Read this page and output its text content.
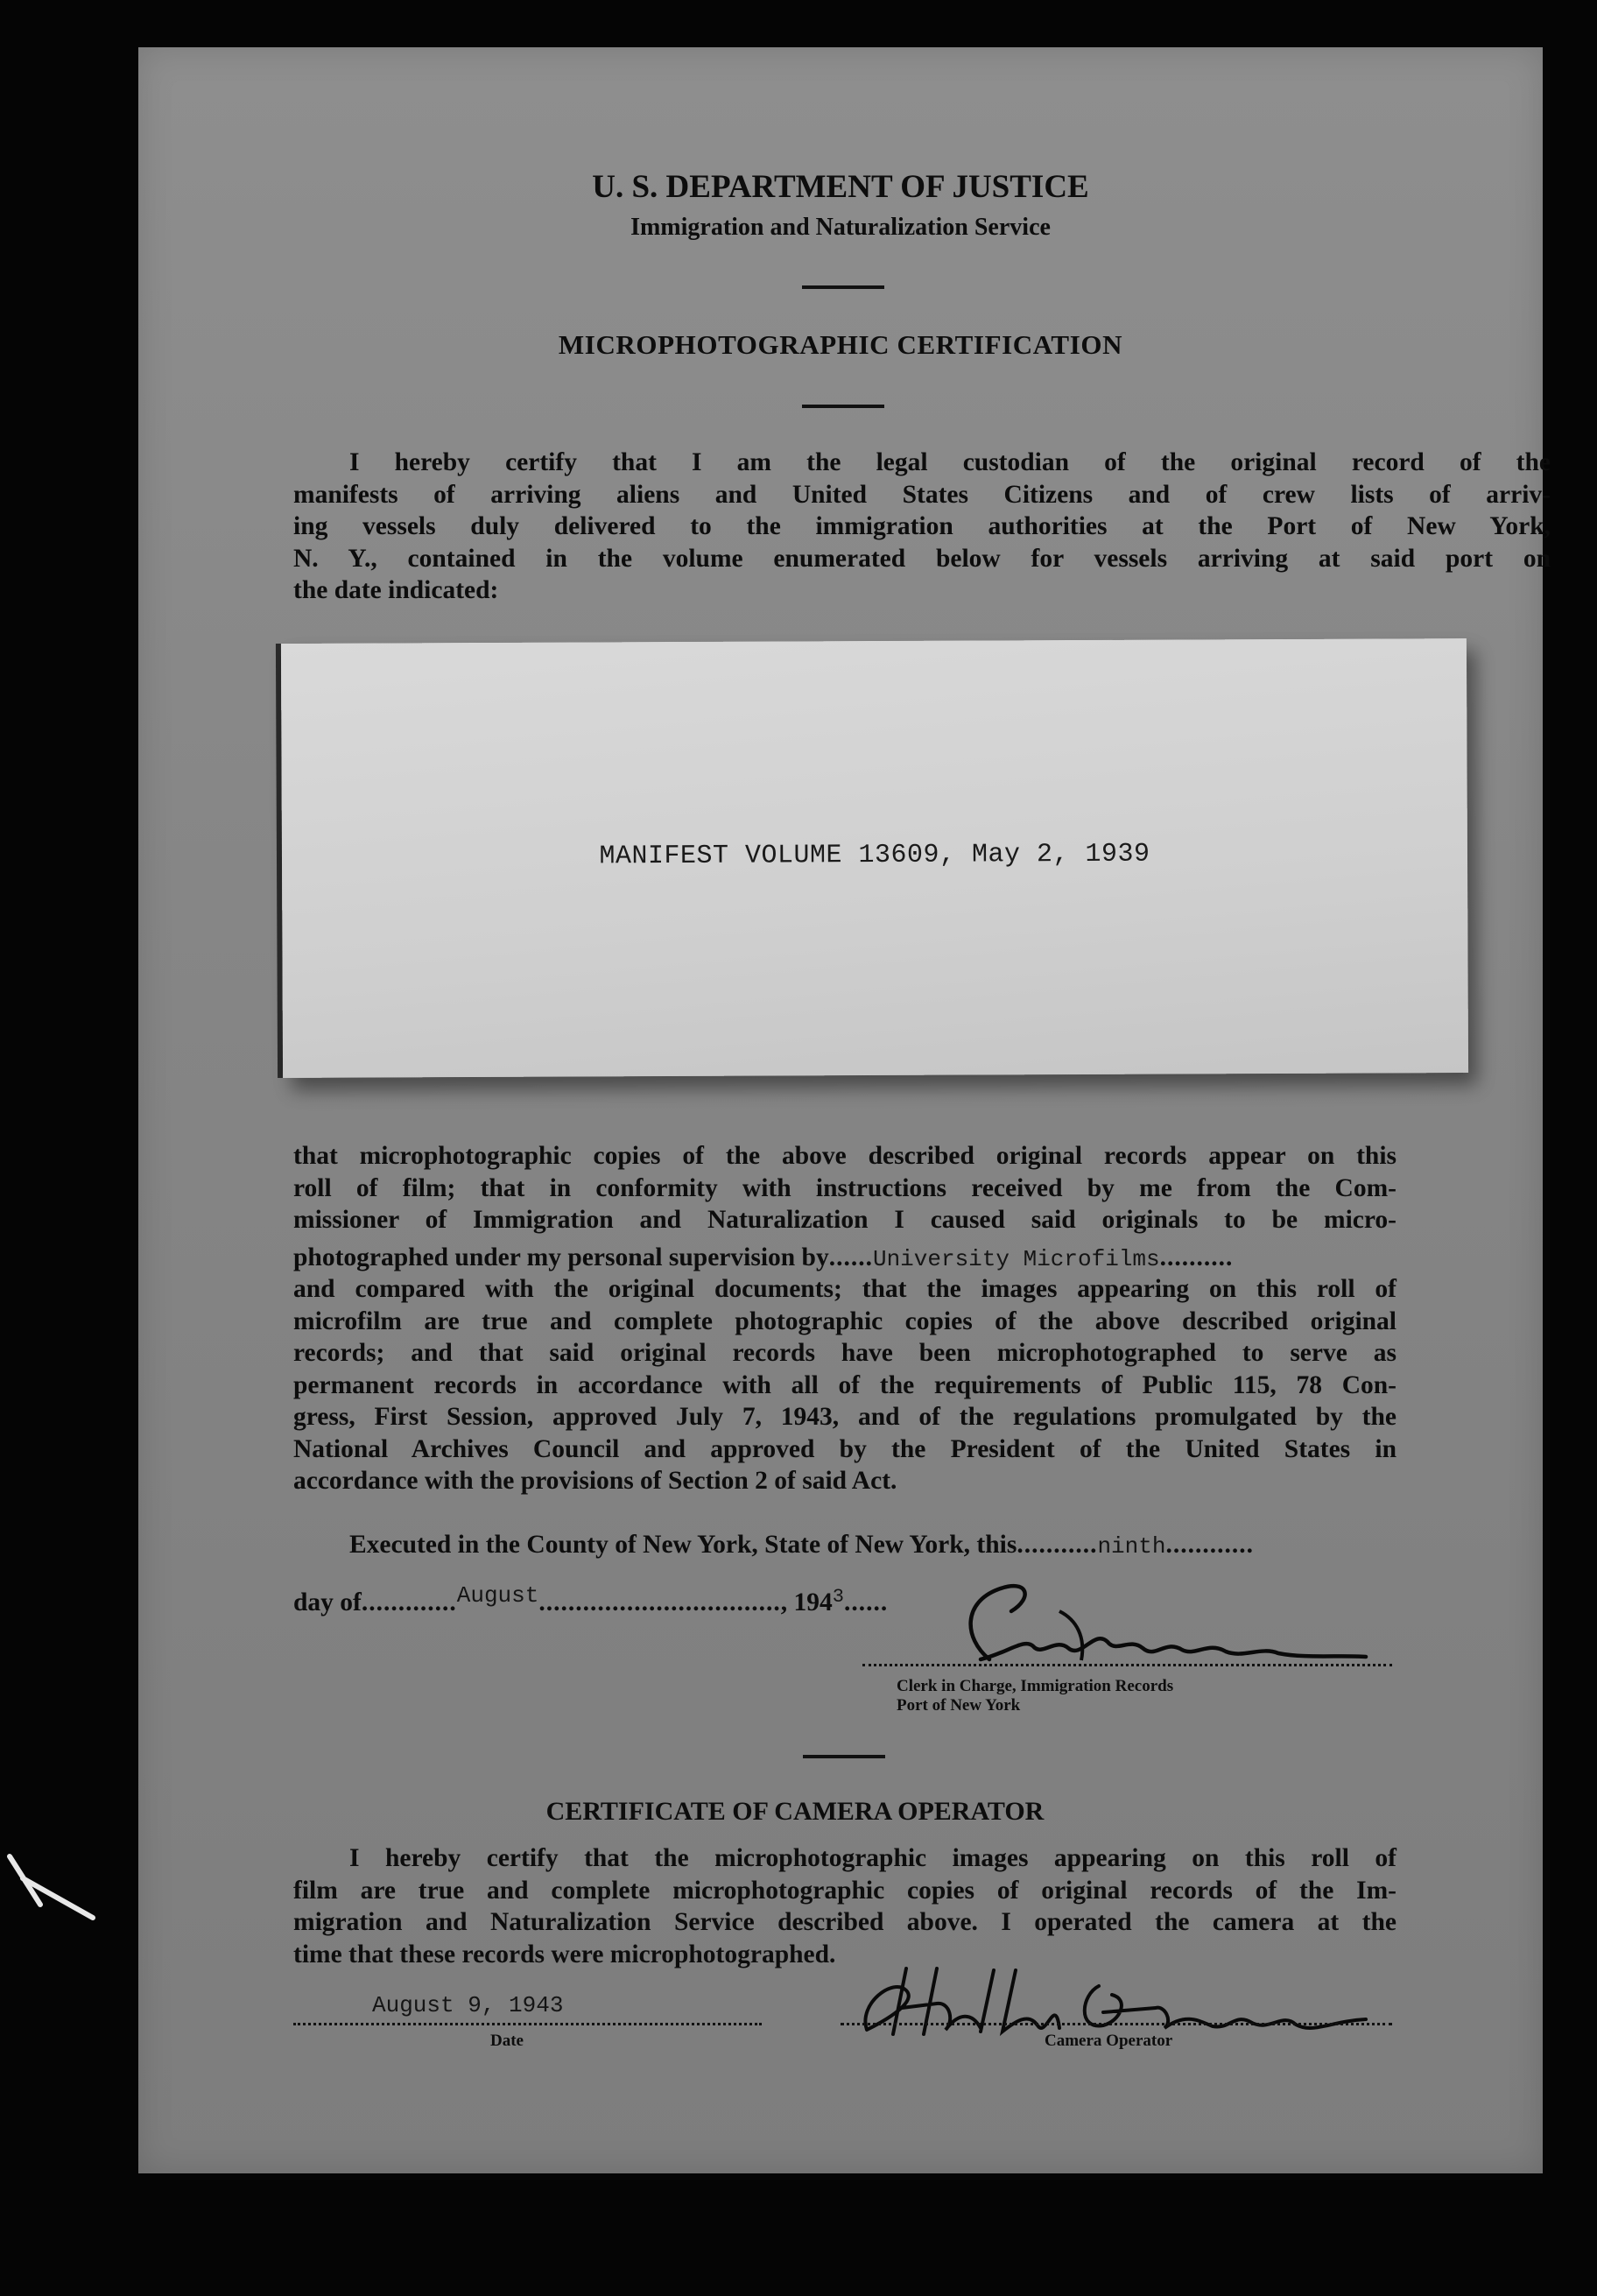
U. S. DEPARTMENT OF JUSTICE
Immigration and Naturalization Service
MICROPHOTOGRAPHIC CERTIFICATION
I hereby certify that I am the legal custodian of the original record of the
manifests of arriving aliens and United States Citizens and of crew lists of arriv-
ing vessels duly delivered to the immigration authorities at the Port of New York,
N. Y., contained in the volume enumerated below for vessels arriving at said port on
the date indicated:
MANIFEST VOLUME 13609, May 2, 1939
that microphotographic copies of the above described original records appear on this
roll of film; that in conformity with instructions received by me from the Com-
missioner of Immigration and Naturalization I caused said originals to be micro-
photographed under my personal supervision by......University Microfilms..........
and compared with the original documents; that the images appearing on this roll of
microfilm are true and complete photographic copies of the above described original
records; and that said original records have been microphotographed to serve as
permanent records in accordance with all of the requirements of Public 115, 78 Con-
gress, First Session, approved July 7, 1943, and of the regulations promulgated by the
National Archives Council and approved by the President of the United States in
accordance with the provisions of Section 2 of said Act.
Executed in the County of New York, State of New York, this...........ninth............
day of.............August................................., $194^3$......
Clerk in Charge, Immigration Records
Port of New York
CERTIFICATE OF CAMERA OPERATOR
I hereby certify that the microphotographic images appearing on this roll of
film are true and complete microphotographic copies of original records of the Im-
migration and Naturalization Service described above. I operated the camera at the
time that these records were microphotographed.
August 9, 1943
Date	Camera Operator
